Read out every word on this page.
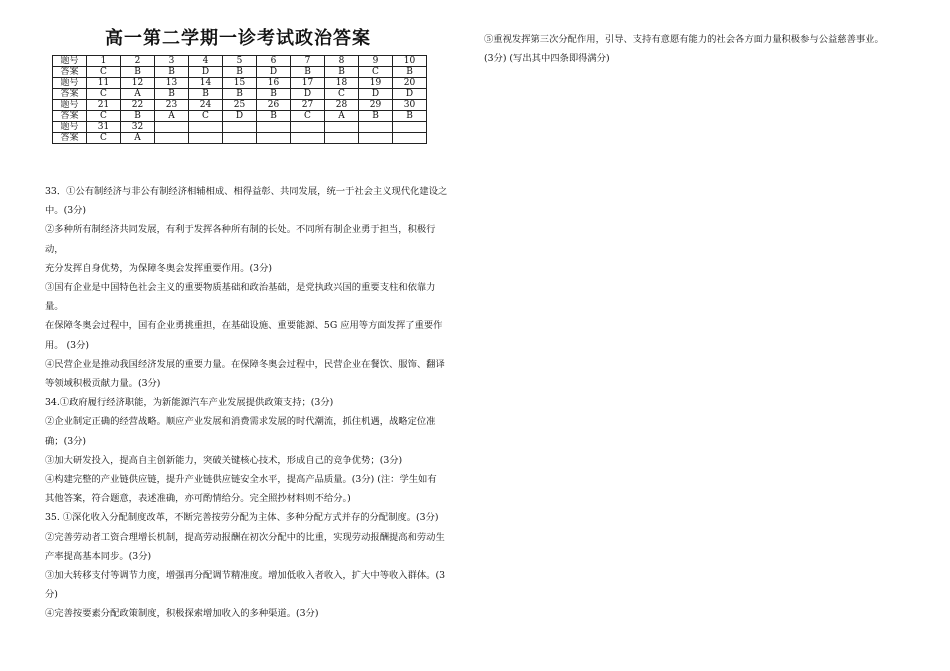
高一第二学期一诊考试政治答案
题号	1	2	3	4	5	6	7	8	9	10
答案	C	B	B	D	B	D	B	B	C	B
题号	11	12	13	14	15	16	17	18	19	20
答案	C	A	B	B	B	B	D	C	D	D
题号	21	22	23	24	25	26	27	28	29	30
答案	C	B	A	C	D	B	C	A	B	B
题号	31	32								
答案	C	A								
33．①公有制经济与非公有制经济相辅相成、相得益彰、共同发展，统一于社会主义现代化建设之
中。(3分)
②多种所有制经济共同发展，有利于发挥各种所有制的长处。不同所有制企业勇于担当，积极行
动，
充分发挥自身优势，为保障冬奥会发挥重要作用。(3分)
③国有企业是中国特色社会主义的重要物质基础和政治基础，是党执政兴国的重要支柱和依靠力
量。
在保障冬奥会过程中，国有企业勇挑重担，在基础设施、重要能源、5G 应用等方面发挥了重要作
用。 (3分)
④民营企业是推动我国经济发展的重要力量。在保障冬奥会过程中，民营企业在餐饮、服饰、翻译
等领域积极贡献力量。(3分)
34.①政府履行经济职能，为新能源汽车产业发展提供政策支持；(3分)
②企业制定正确的经营战略。顺应产业发展和消费需求发展的时代潮流，抓住机遇，战略定位准
确；(3分)
③加大研发投入，提高自主创新能力，突破关键核心技术，形成自己的竞争优势；(3分)
④构建完整的产业链供应链，提升产业链供应链安全水平，提高产品质量。(3分) (注：学生如有
其他答案，符合题意，表述准确，亦可酌情给分。完全照抄材料则不给分。)
35. ①深化收入分配制度改革，不断完善按劳分配为主体、多种分配方式并存的分配制度。(3分)
②完善劳动者工资合理增长机制，提高劳动报酬在初次分配中的比重，实现劳动报酬提高和劳动生
产率提高基本同步。(3分)
③加大转移支付等调节力度，增强再分配调节精准度。增加低收入者收入，扩大中等收入群体。(3
分)
④完善按要素分配政策制度，积极探索增加收入的多种渠道。(3分)
⑤重视发挥第三次分配作用，引导、支持有意愿有能力的社会各方面力量积极参与公益慈善事业。
(3分) (写出其中四条即得满分)
